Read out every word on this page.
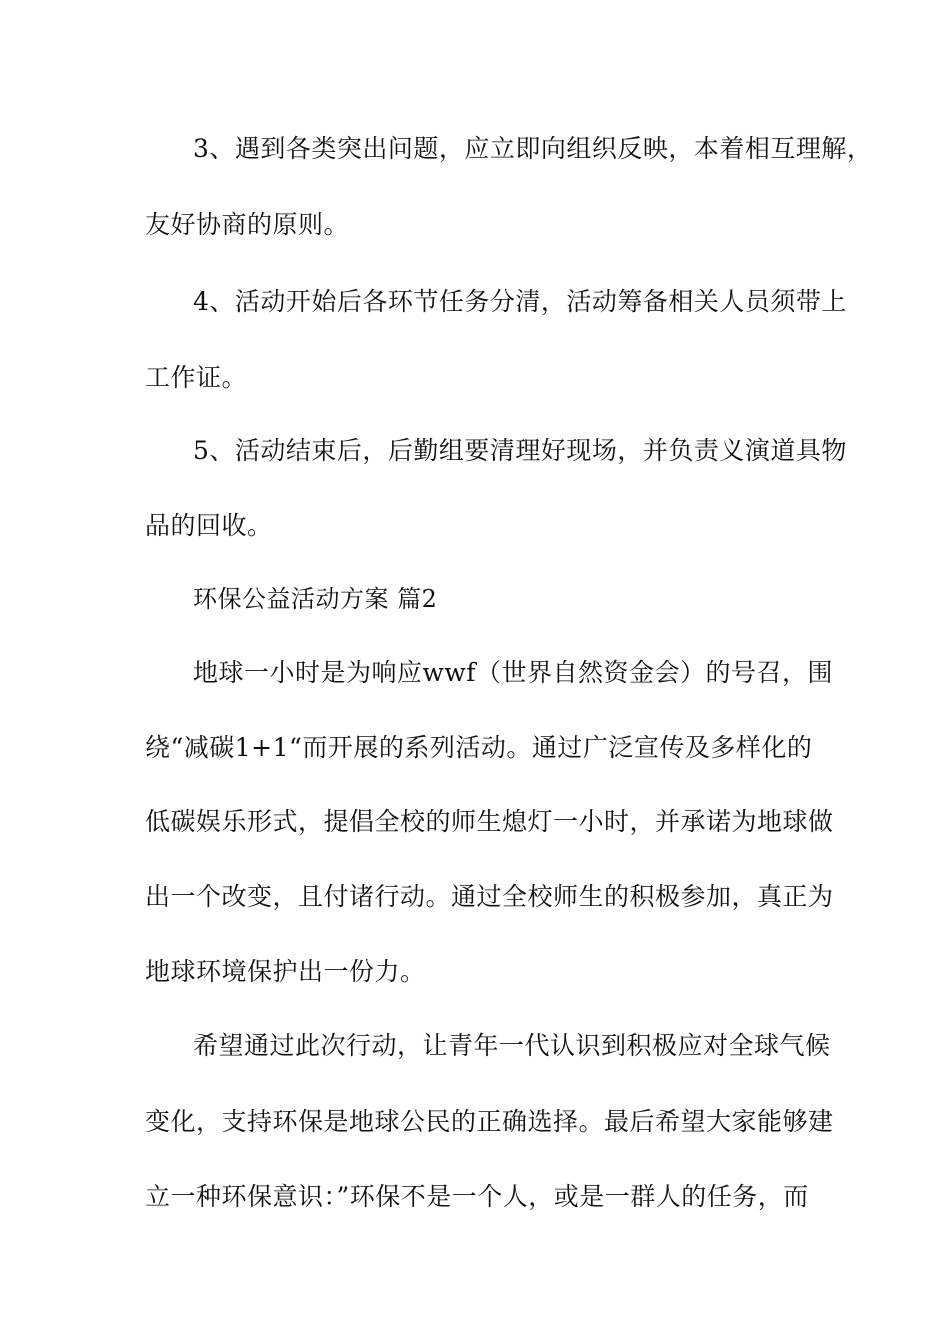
3、遇到各类突出问题，应立即向组织反映，本着相互理解，
友好协商的原则。
4、活动开始后各环节任务分清，活动筹备相关人员须带上
工作证。
5、活动结束后，后勤组要清理好现场，并负责义演道具物
品的回收。
环保公益活动方案 篇2
地球一小时是为响应wwf（世界自然资金会）的号召，围
绕“减碳1+1“而开展的系列活动。通过广泛宣传及多样化的
低碳娱乐形式，提倡全校的师生熄灯一小时，并承诺为地球做
出一个改变，且付诸行动。通过全校师生的积极参加，真正为
地球环境保护出一份力。
希望通过此次行动，让青年一代认识到积极应对全球气候
变化，支持环保是地球公民的正确选择。最后希望大家能够建
立一种环保意识：”环保不是一个人，或是一群人的任务，而
